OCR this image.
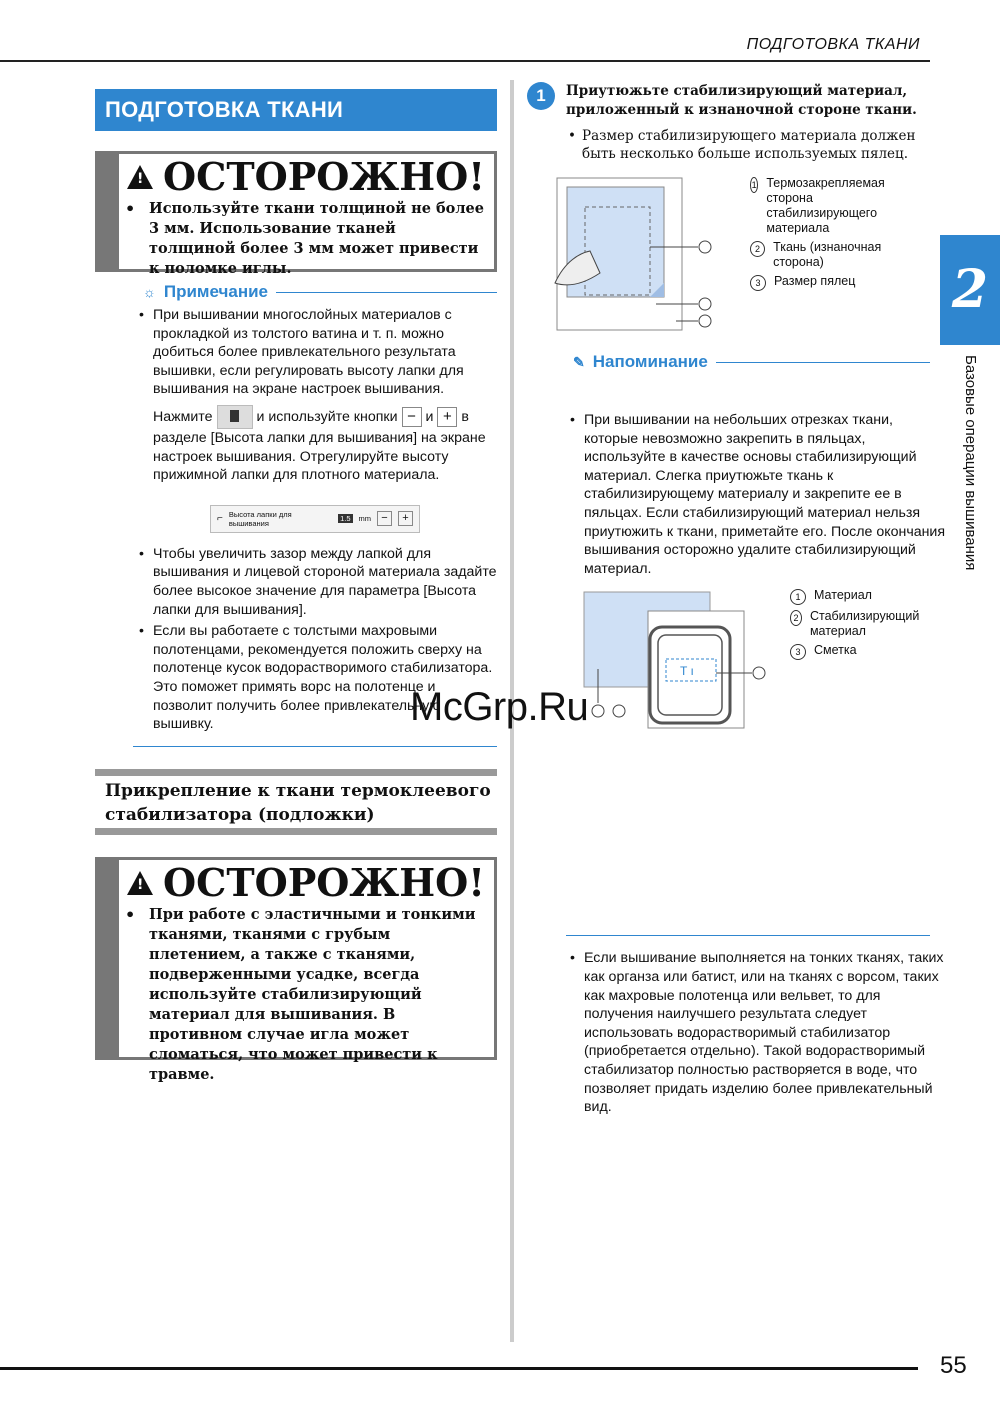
ПОДГОТОВКА ТКАНИ
ПОДГОТОВКА ТКАНИ
!
ОСТОРОЖНО!
• Используйте ткани толщиной не более 3 мм. Использование тканей толщиной более 3 мм может привести к поломке иглы.
☼ Примечание
• При вышивании многослойных материалов с прокладкой из толстого ватина и т. п. можно добиться более привлекательного результата вышивки, если регулировать высоту лапки для вышивания на экране настроек вышивания.
Нажмите	и используйте кнопки − и + в разделе [Высота лапки для вышивания] на экране настроек вышивания. Отрегулируйте высоту прижимной лапки для плотного материала.
⌐ Высота лапки для вышивания	1.5 mm −	+
• Чтобы увеличить зазор между лапкой для вышивания и лицевой стороной материала задайте более высокое значение для параметра [Высота лапки для вышивания].
• Если вы работаете с толстыми махровыми полотенцами, рекомендуется положить сверху на полотенце кусок водорастворимого стабилизатора. Это поможет примять ворс на полотенце и позволит получить более привлекательную вышивку.
Прикрепление к ткани термоклеевого
стабилизатора (подложки)
!
ОСТОРОЖНО!
• При работе с эластичными и тонкими тканями, тканями с грубым плетением, а также с тканями, подверженными усадке, всегда используйте стабилизирующий материал для вышивания. В противном случае игла может сломаться, что может привести к травме.
1	Приутюжьте стабилизирующий материал, приложенный к изнаночной стороне ткани.
• Размер стабилизирующего материала должен быть несколько больше используемых пялец.
1 Термозакрепляемая сторона стабилизирующего материала
2	Ткань (изнаночная сторона)
3	Размер пялец
✎ Напоминание
• При вышивании на небольших отрезках ткани, которые невозможно закрепить в пяльцах, используйте в качестве основы стабилизирующий материал. Слегка приутюжьте ткань к стабилизирующему материалу и закрепите ее в пяльцах. Если стабилизирующий материал нельзя приутюжить к ткани, приметайте его. После окончания вышивания осторожно удалите стабилизирующий материал.
T ı
1	Материал
2 Стабилизирующий материал
3	Сметка
• Если вышивание выполняется на тонких тканях, таких как органза или батист, или на тканях с ворсом, таких как махровые полотенца или вельвет, то для получения наилучшего результата следует использовать водорастворимый стабилизатор (приобретается отдельно). Такой водорастворимый стабилизатор полностью растворяется в воде, что позволяет придать изделию более привлекательный вид.
2
Базовые операции вышивания
McGrp.Ru
55
